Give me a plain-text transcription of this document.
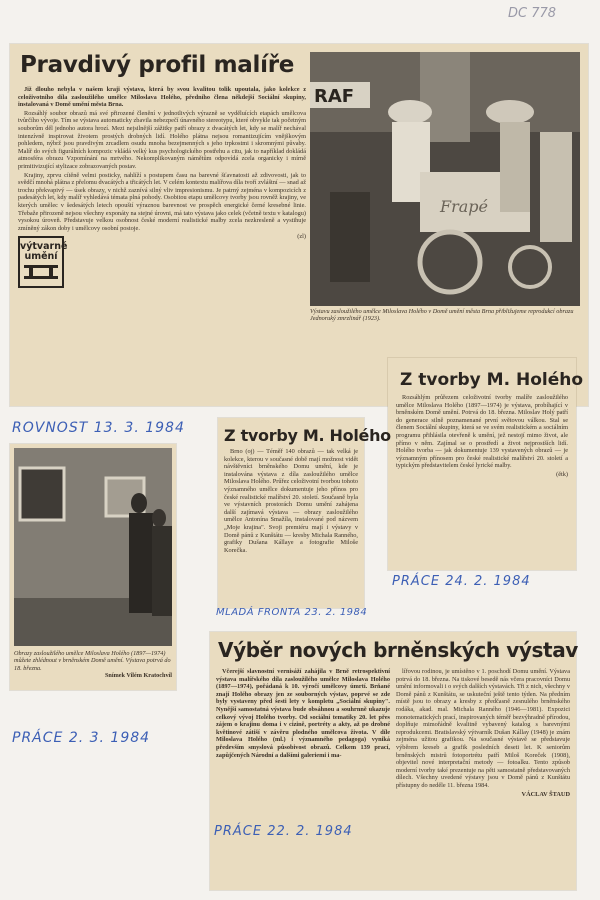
DC 778
Pravdivý profil malíře

Již dlouho nebyla v našem kraji výstava, která by svou kvalitou tolik upoutala, jako kolekce z celoživotního díla zasloužilého umělce Miloslava Holého, předního člena někdejší Sociální skupiny, instalovaná v Domě umění města Brna.

Rozsáhlý soubor obrazů má své přirozené členění v jednotlivých výrazně se vyděluících etapách umělcova tvůrčího vývoje. Tím se výstava automaticky zbavila nebezpečí únavného stereotypu, které obvykle tak početným souborům děl jednoho autora hrozí. Mezi nejsilnější zážitky patří obrazy z dvacátých let, kdy se malíř nechával intenzívně inspirovat životem prostých drobných lidí. Holého plátna nejsou romantizujícím vnějškovým pohledem, nýbrž jsou pravdivým zrcadlem osudu mnoha bezejmenných s jeho trpkostmi i skromnými půvaby. Malíř do svých figurálních kompozic vkládá velký kus psychologického postřehu a citu, jak to například dokládá atmosféra obrazu Vzpomínání na mrtvého. Nekomplikovaným námětům odpovídá zcela organicky i mírně primitivizující stylizace zobrazovaných postav.

Krajiny, zprvu cítěně velmi posticky, nahlíží s postupem času na barevné šťavnatosti až zdivovosti, jak to svědčí mnohá plátna z přelomu dvacátých a třicátých let. V celém kontextu malířova díla tvoří zvláštní — snad až trochu překvapivý — úsek obrazy, v nichž zaznívá silný vliv impresionismu. Je patrný zejména v kompozicích z padesátých let, kdy malíř vyhledává témata plná pohody. Osobitou etapu umělcovy tvorby jsou rovněž krajiny, ve kterých umělec v šedesátých letech opouští výraznou barevnost ve prospěch energické černé kresebné linie. Třebaže přirozeně nejsou všechny exponáty na stejné úrovni, má tato výstava jako celek (včetně textu v katalogu) vysokou úroveň. Představuje velkou osobnost české moderní realistické malby zcela nezkresleně a vystihuje zmíněný zákon doby i umělcovy osobní postoje.

(zl)

výtvarné umění
RAF
Frapé
Výstavu zasloužilého umělce Miloslava Holého v Domě umění města Brna přibližujeme reprodukcí obrazu Jednoruký zmrzlinář (1923).
Z tvorby M. Holého

Rozsáhlým průřezem celoživotní tvorby malíře zasloužilého umělce Miloslava Holého (1897—1974) je výstava, probíhající v brněnském Domě umění. Potrvá do 18. března. Miloslav Holý patří do generace silně poznamenané první světovou válkou. Stal se členem Sociální skupiny, která se ve svém realistickém a sociálním programu přihlásila otevřeně k umění, jež nestojí mimo život, ale přímo v něm. Zajímal se o prostředí a život nejprostších lidí. Holého tvorba — jak dokumentuje 139 vystavených obrazů — je významným přínosem pro české realistické malířství 20. století a typickým představitelem české lyrické malby.

(ětk)

Obrazy zasloužilého umělce Miloslava Holého (1897—1974) můžete zhlédnout v brněnském Domě umění. Výstava potrvá do 18. března.
Snímek Vilém Kratochvíl
Z tvorby M. Holého

Brno (oj) — Téměř 140 obrazů — tak velká je kolekce, kterou v současné době mají možnost vidět návštěvníci brněnského Domu umění, kde je instalována výstava z díla zasloužilého umělce Miloslava Holého. Průřez celoživotní tvorbou tohoto významného umělce dokumentuje jeho přínos pro české realistické malířství 20. století. Současně byla ve výstavních prostorách Domu umění zahájena další zajímavá výstava — obrazy zasloužilého umělce Antonína Smažíla, instalované pod názvem „Moje krajina". Svoji premiéru mají i výstavy v Domě pánů z Kunštátu — kresby Michala Ranného, grafiky Dušana Kállaye a fotografie Miloše Korečka.

Výběr nových brněnských výstav

Včerejší slavnostní vernisáží zahájila v Brně retrospektivní výstava malířského díla zasloužilého umělce Miloslava Holého (1897—1974), pořádaná k 10. výročí umělcovy úmrtí. Brňané znají Holého obrazy jen ze souborných výstav, poprvé se zde byly vystaveny před šesti lety v kompletu „Sociální skupiny". Nynější samostatná výstava bude obsáhnou a souhrnně ukazuje celkový vývoj Holého tvorby. Od sociální tematiky 20. let přes zájem o krajinu doma i v cizině, portréty a akty, až po drobné květinové zátiší v závěru plodného umělcova života. V díle Miloslava Holého (ml.) i významného pedagoga) vyniká především smyslová působivost obrazů. Celkem 139 prací, zapůjčených Národní a dalšími galeriemi i ma-

lířovou rodinou, je umístěno v 1. poschodí Domu umění. Výstava potrvá do 18. března. Na tiskové besedě nás včera pracovníci Domu umění informovali i o svých dalších výstavách. Tři z nich, všechny v Domě pánů z Kunštátu, se uskuteční ještě tento týden. Na předním místě jsou to obrazy a kresby z předčasně zesnulého brněnského rodáka, akad. mal. Michala Ranného (1946—1981). Expozici monotematických prací, inspirovaných téměř bezvýhradně přírodou, doplňuje mimořádně kvalitně vybavený katalog s barevnými reprodukcemi. Bratislavský výtvarník Dušan Kállay (1948) je znám zejména užitou grafikou. Na současné výstavě se představuje výběrem kreseb a grafik posledních deseti let. K seniorům brněnských mistrů fotoportrétu patří Miloš Koreček (1908), objevitel nové interpretační metody — fotoalku. Tento způsob moderní tvorby také prezentuje na pěti samostatně představovaných dílech. Všechny uvedené výstavy jsou v Domě pánů z Kunštátu přístupny do neděle 11. března 1984.

VÁCLAV ŠTAUD

ROVNOST 13. 3. 1984
PRÁCE 24. 2. 1984
MLADÁ FRONTA 23. 2. 1984
PRÁCE 2. 3. 1984
PRÁCE 22. 2. 1984
